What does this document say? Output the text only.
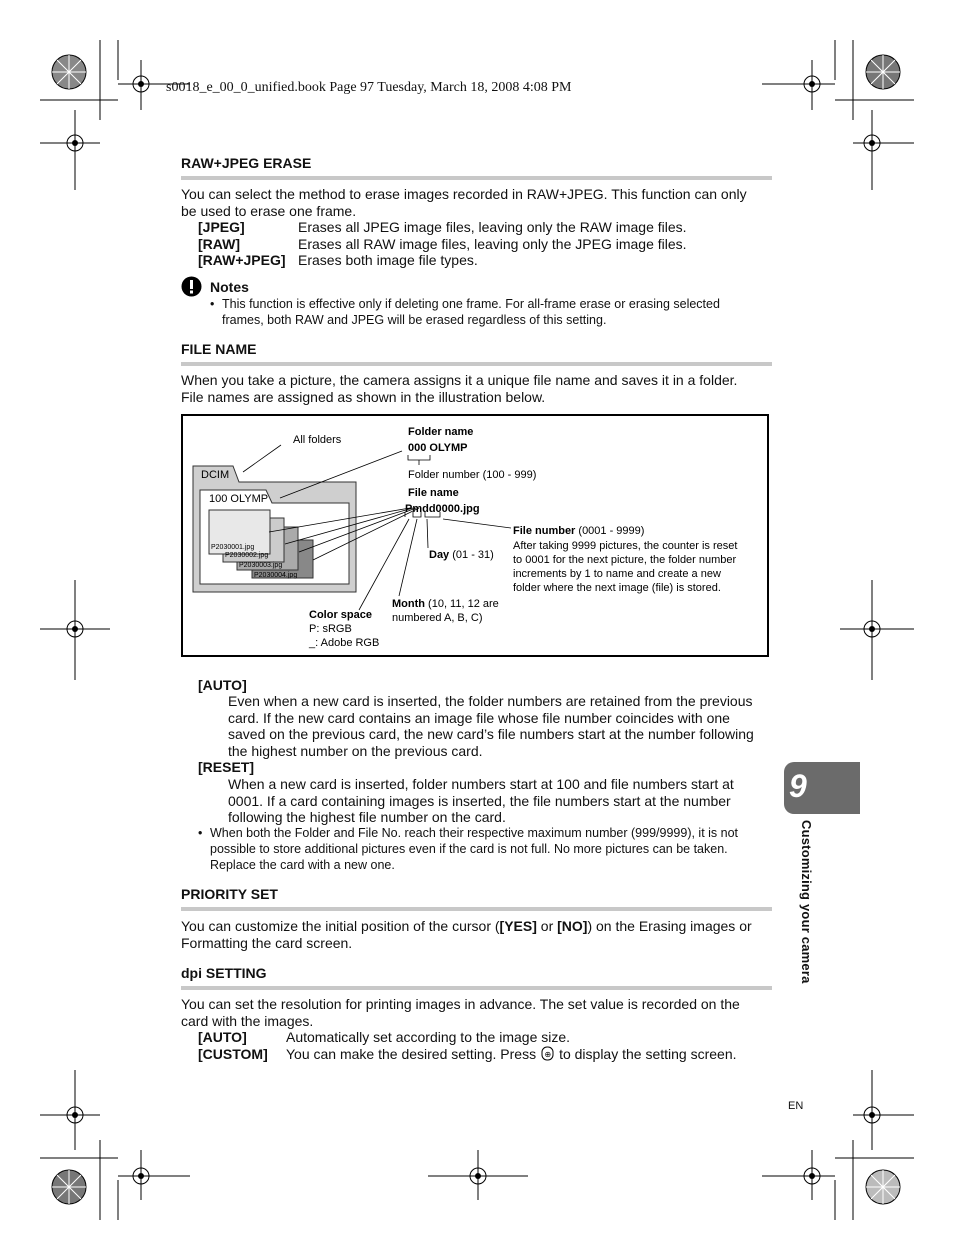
s0018_e_00_0_unified.book Page 97 Tuesday, March 18, 2008 4:08 PM
RAW+JPEG ERASE
You can select the method to erase images recorded in RAW+JPEG. This function can only
be used to erase one frame.
[JPEG]	Erases all JPEG image files, leaving only the RAW image files.
[RAW]	Erases all RAW image files, leaving only the JPEG image files.
[RAW+JPEG] Erases both image file types.
Notes
• This function is effective only if deleting one frame. For all-frame erase or erasing selected
frames, both RAW and JPEG will be erased regardless of this setting.
FILE NAME
When you take a picture, the camera assigns it a unique file name and saves it in a folder.
File names are assigned as shown in the illustration below.
DCIM
100 OLYMP
P2030001.jpg
P2030002.jpg
P2030003.jpg
P2030004.jpg
All folders
Folder name
000 OLYMP
Folder number (100 - 999)
File name
Pmdd0000.jpg
File number (0001 - 9999)
After taking 9999 pictures, the counter is reset
to 0001 for the next picture, the folder number
increments by 1 to name and create a new
folder where the next image (file) is stored.
Day (01 - 31)
Month (10, 11, 12 are
numbered A, B, C)
Color space
P: sRGB
_: Adobe RGB
[AUTO]
Even when a new card is inserted, the folder numbers are retained from the previous
card. If the new card contains an image file whose file number coincides with one
saved on the previous card, the new card’s file numbers start at the number following
the highest number on the previous card.
[RESET]
When a new card is inserted, folder numbers start at 100 and file numbers start at
0001. If a card containing images is inserted, the file numbers start at the number
following the highest file number on the card.
• When both the Folder and File No. reach their respective maximum number (999/9999), it is not
possible to store additional pictures even if the card is not full. No more pictures can be taken.
Replace the card with a new one.
PRIORITY SET
You can customize the initial position of the cursor ([YES] or [NO]) on the Erasing images or
Formatting the card screen.
dpi SETTING
You can set the resolution for printing images in advance. The set value is recorded on the
card with the images.
[AUTO]	Automatically set according to the image size.
[CUSTOM]	You can make the desired setting. Press ⊕ to display the setting screen.
9
Customizing your camera
EN
